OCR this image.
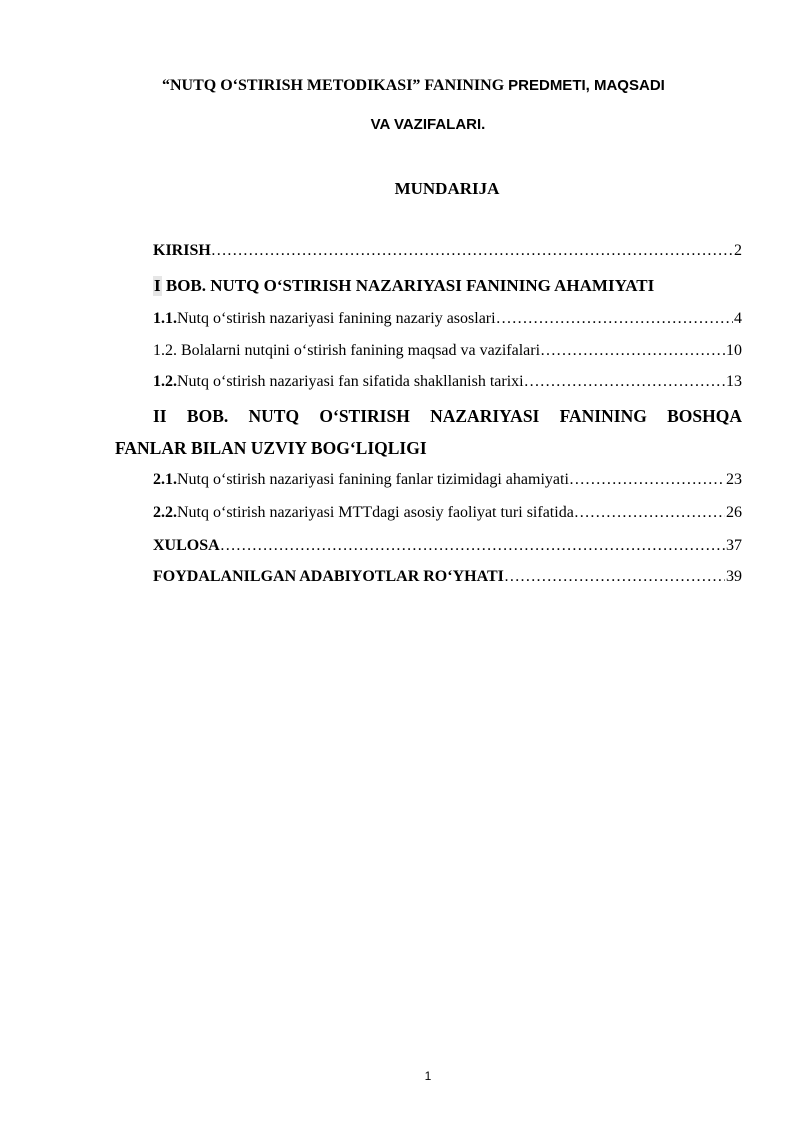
“NUTQ O‘STIRISH METODIKASI” FANINING PREDMETI, MAQSADI
VA VAZIFALARI.
MUNDARIJA
KIRISH ……………………………………………………………………………………………………………………………………………………	2
I BOB. NUTQ O‘STIRISH NAZARIYASI FANINING AHAMIYATI
1.1. Nutq o‘stirish nazariyasi fanining nazariy asoslari ……………………………………………………………………………………………………………………………………………………	4
1.2. Bolalarni nutqini o‘stirish fanining maqsad va vazifalari ……………………………………………………………………………………………………………………………………………………	10
1.2. Nutq o‘stirish nazariyasi fan sifatida shakllanish tarixi ……………………………………………………………………………………………………………………………………………………	13
II BOB. NUTQ O‘STIRISH NAZARIYASI FANINING BOSHQA
FANLAR BILAN UZVIY BOG‘LIQLIGI
2.1. Nutq o‘stirish nazariyasi fanining fanlar tizimidagi ahamiyati ……………………………………………………………………………………………………………………………………………………	23
2.2. Nutq o‘stirish nazariyasi MTTdagi asosiy faoliyat turi sifatida ……………………………………………………………………………………………………………………………………………………	26
XULOSA ……………………………………………………………………………………………………………………………………………………	37
FOYDALANILGAN ADABIYOTLAR RO‘YHATI ……………………………………………………………………………………………………………………………………………………	39
1
